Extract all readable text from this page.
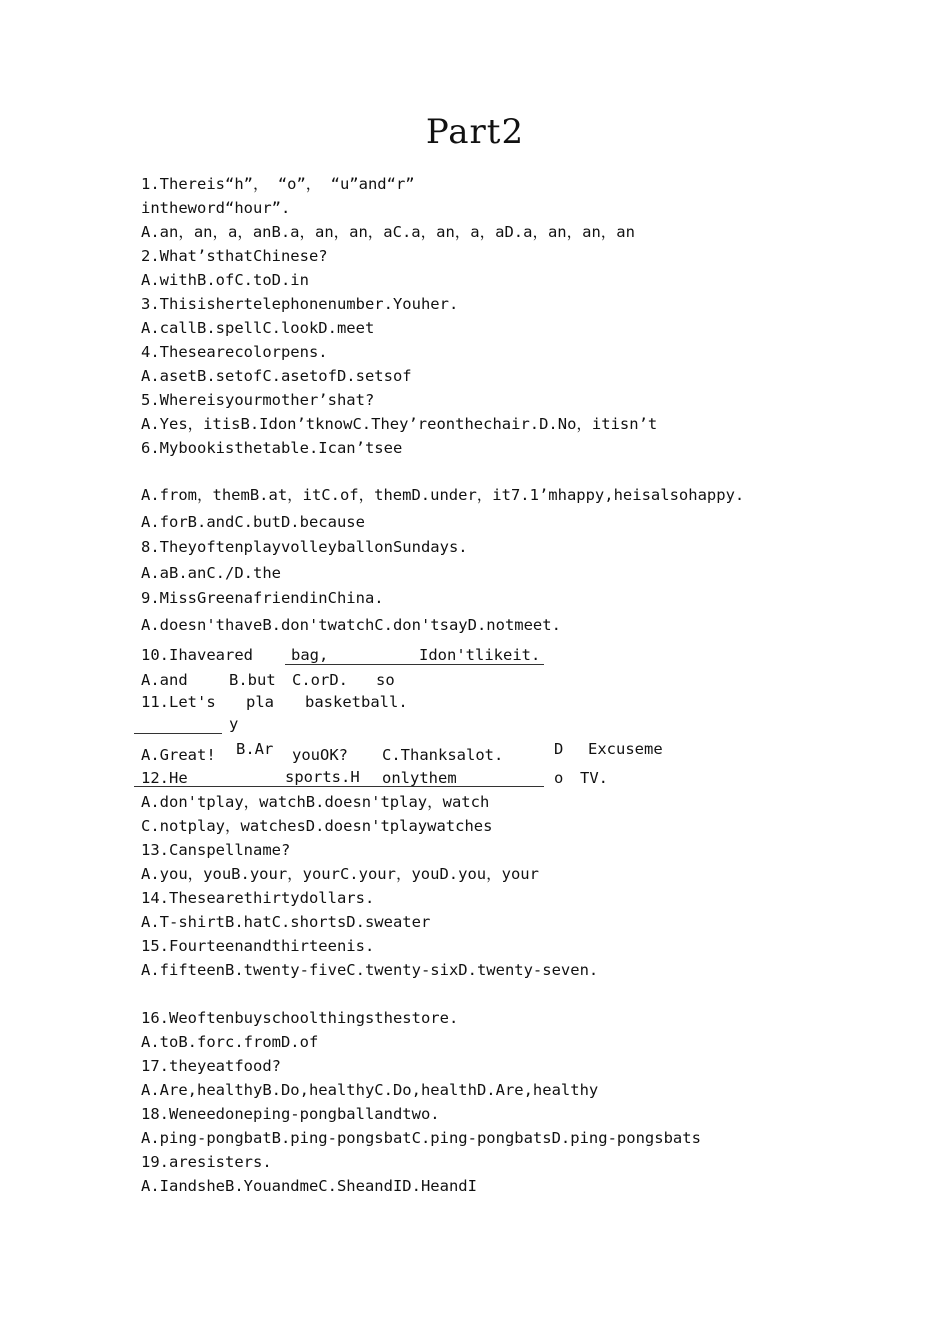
Part2
1.Thereis“h”， “o”， “u”and“r”
intheword“hour”.
A.an，an，a，anB.a，an，an，aC.a，an，a，aD.a，an，an，an
2.What’sthatChinese?
A.withB.ofC.toD.in
3.Thisishertelephonenumber.Youher.
A.callB.spellC.lookD.meet
4.Thesearecolorpens.
A.asetB.setofC.asetofD.setsof
5.Whereisyourmother’shat?
A.Yes，itisB.Idon’tknowC.They’reonthechair.D.No，itisn’t
6.Mybookisthetable.Ican’tsee
A.from，themB.at，itC.of，themD.under，it7.1’mhappy,heisalsohappy.
A.forB.andC.butD.because
8.TheyoftenplayvolleyballonSundays.
A.aB.anC./D.the
9.MissGreenafriendinChina.
A.doesn'thaveB.don'twatchC.don'tsayD.notmeet.
10.Ihaveared bag,	Idon'tlikeit.
A.and	B.but C.orD. so
11.Let's pla basketball.
y
A.Great! B.Ar youOK? C.Thanksalot.	D Excuseme
12.He	sports.H onlythem	o TV.
A.don'tplay，watchB.doesn'tplay，watch
C.notplay，watchesD.doesn'tplaywatches
13.Canspellname?
A.you，youB.your，yourC.your，youD.you，your
14.Thesearethirtydollars.
A.T-shirtB.hatC.shortsD.sweater
15.Fourteenandthirteenis.
A.fifteenB.twenty-fiveC.twenty-sixD.twenty-seven.
16.Weoftenbuyschoolthingsthestore.
A.toB.forc.fromD.of
17.theyeatfood?
A.Are,healthyB.Do,healthyC.Do,healthD.Are,healthy
18.Weneedoneping-pongballandtwo.
A.ping-pongbatB.ping-pongsbatC.ping-pongbatsD.ping-pongsbats
19.aresisters.
A.IandsheB.YouandmeC.SheandID.HeandI
